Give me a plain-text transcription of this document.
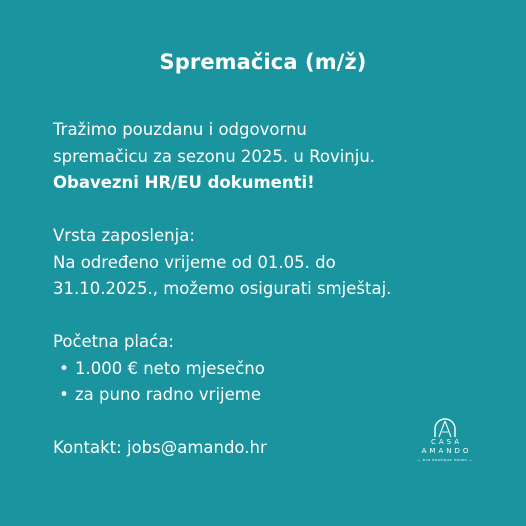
Spremačica (m/ž)
Tražimo pouzdanu i odgovornu
spremačicu za sezonu 2025. u Rovinju.
Obavezni HR/EU dokumenti!
Vrsta zaposlenja:
Na određeno vrijeme od 01.05. do
31.10.2025., možemo osigurati smještaj.
Početna plaća:
• 1.000 € neto mjesečno
• za puno radno vrijeme
Kontakt: jobs@amando.hr	CASA
AMANDO
— eco boutique house —
